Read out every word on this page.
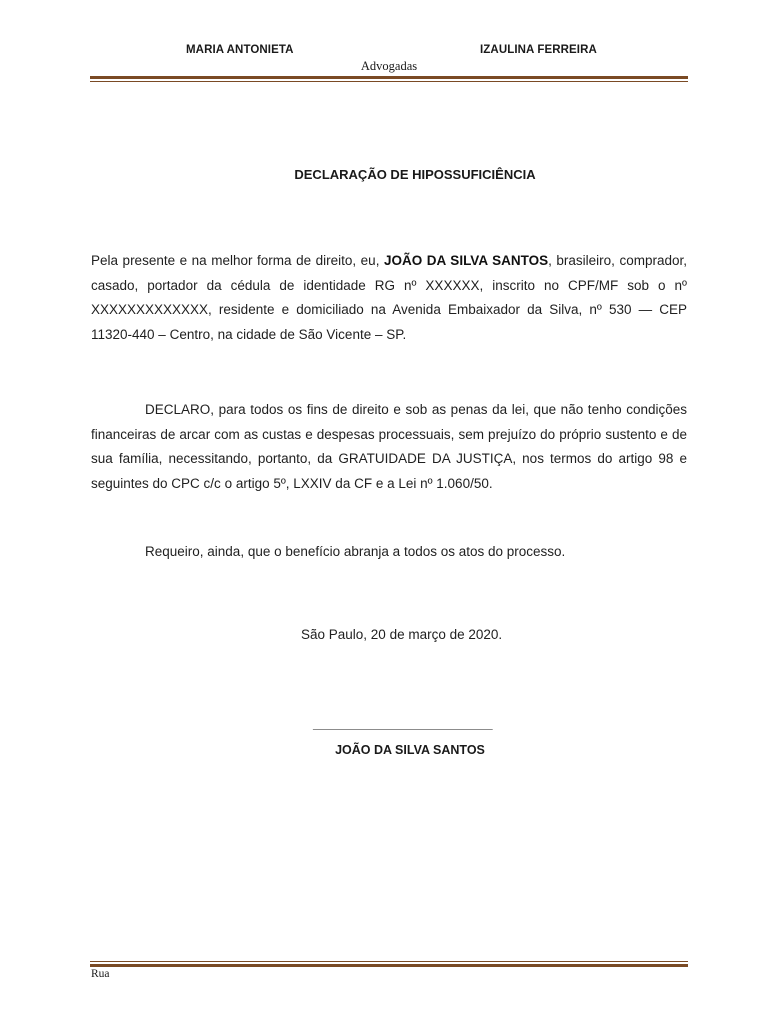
MARIA ANTONIETA	IZAULINA FERREIRA
Advogadas
DECLARAÇÃO DE HIPOSSUFICIÊNCIA
Pela presente e na melhor forma de direito, eu, JOÃO DA SILVA SANTOS, brasileiro, comprador, casado, portador da cédula de identidade RG nº XXXXXX, inscrito no CPF/MF sob o nº XXXXXXXXXXXXX, residente e domiciliado na Avenida Embaixador da Silva, nº 530 — CEP 11320-440 – Centro, na cidade de São Vicente – SP.
DECLARO, para todos os fins de direito e sob as penas da lei, que não tenho condições financeiras de arcar com as custas e despesas processuais, sem prejuízo do próprio sustento e de sua família, necessitando, portanto, da GRATUIDADE DA JUSTIÇA, nos termos do artigo 98 e seguintes do CPC c/c o artigo 5º, LXXIV da CF e a Lei nº 1.060/50.
Requeiro, ainda, que o benefício abranja a todos os atos do processo.
São Paulo, 20 de março de 2020.
___________________________
JOÃO DA SILVA SANTOS
Rua
